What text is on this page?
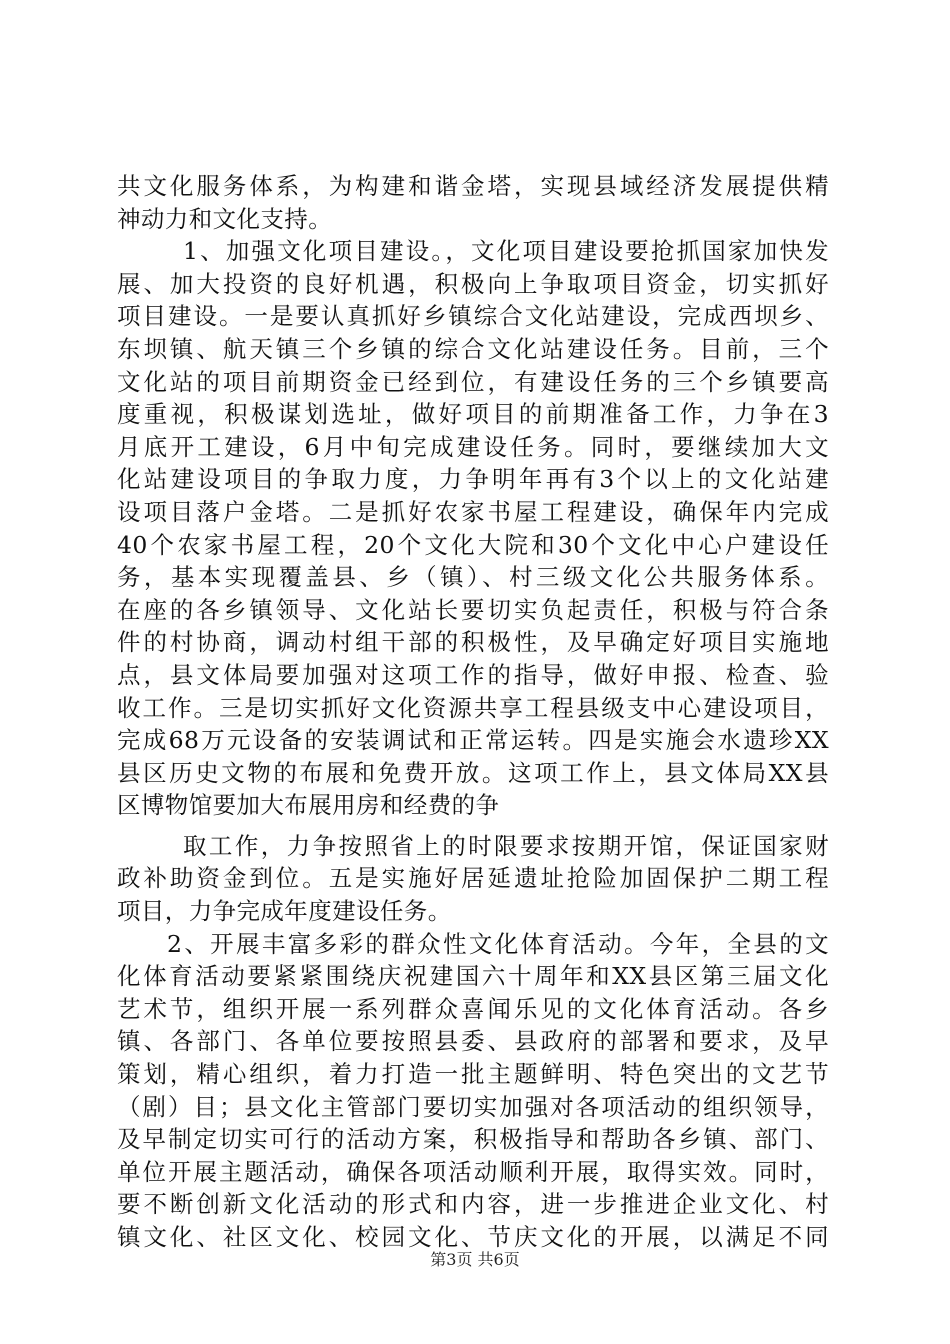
共文化服务体系，为构建和谐金塔，实现县域经济发展提供精
神动力和文化支持。
1、加强文化项目建设。，文化项目建设要抢抓国家加快发
展、加大投资的良好机遇，积极向上争取项目资金，切实抓好
项目建设。一是要认真抓好乡镇综合文化站建设，完成西坝乡、
东坝镇、航天镇三个乡镇的综合文化站建设任务。目前，三个
文化站的项目前期资金已经到位，有建设任务的三个乡镇要高
度重视，积极谋划选址，做好项目的前期准备工作，力争在3
月底开工建设，6月中旬完成建设任务。同时，要继续加大文
化站建设项目的争取力度，力争明年再有3个以上的文化站建
设项目落户金塔。二是抓好农家书屋工程建设，确保年内完成
40个农家书屋工程，20个文化大院和30个文化中心户建设任
务，基本实现覆盖县、乡（镇）、村三级文化公共服务体系。
在座的各乡镇领导、文化站长要切实负起责任，积极与符合条
件的村协商，调动村组干部的积极性，及早确定好项目实施地
点，县文体局要加强对这项工作的指导，做好申报、检查、验
收工作。三是切实抓好文化资源共享工程县级支中心建设项目，
完成68万元设备的安装调试和正常运转。四是实施会水遗珍XX
县区历史文物的布展和免费开放。这项工作上，县文体局XX县
区博物馆要加大布展用房和经费的争
取工作，力争按照省上的时限要求按期开馆，保证国家财
政补助资金到位。五是实施好居延遗址抢险加固保护二期工程
项目，力争完成年度建设任务。
2、开展丰富多彩的群众性文化体育活动。今年，全县的文
化体育活动要紧紧围绕庆祝建国六十周年和XX县区第三届文化
艺术节，组织开展一系列群众喜闻乐见的文化体育活动。各乡
镇、各部门、各单位要按照县委、县政府的部署和要求，及早
策划，精心组织，着力打造一批主题鲜明、特色突出的文艺节
（剧）目；县文化主管部门要切实加强对各项活动的组织领导，
及早制定切实可行的活动方案，积极指导和帮助各乡镇、部门、
单位开展主题活动，确保各项活动顺利开展，取得实效。同时，
要不断创新文化活动的形式和内容，进一步推进企业文化、村
镇文化、社区文化、校园文化、节庆文化的开展，以满足不同
第3页 共6页
